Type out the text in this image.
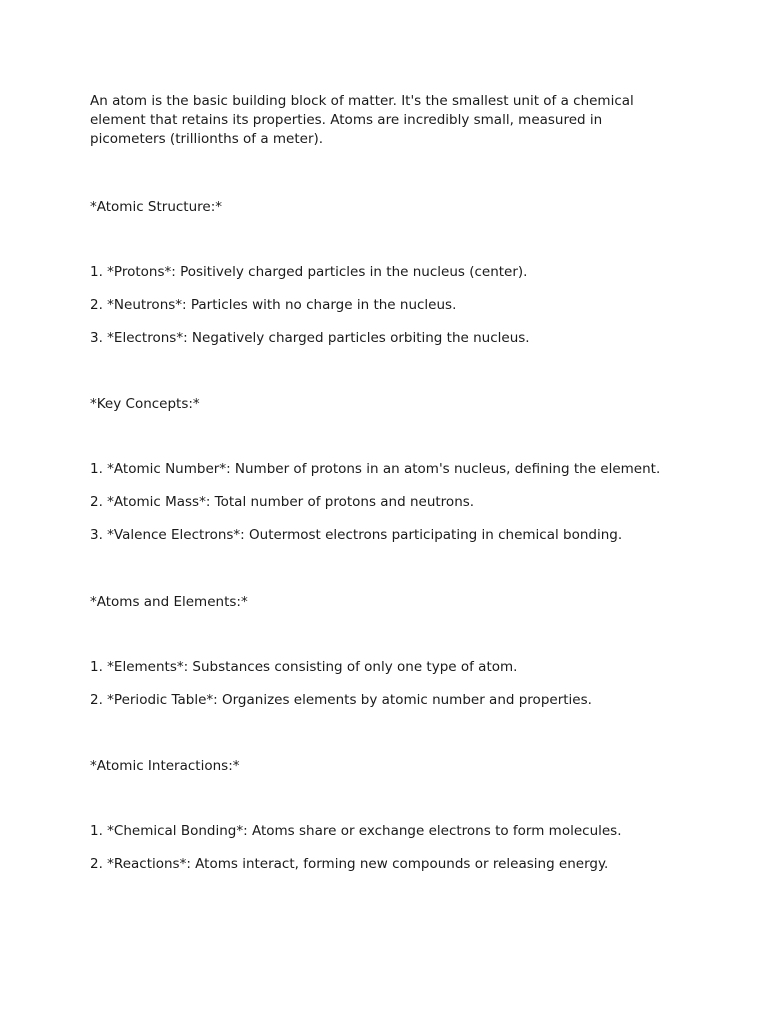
An atom is the basic building block of matter. It's the smallest unit of a chemical
element that retains its properties. Atoms are incredibly small, measured in
picometers (trillionths of a meter).
*Atomic Structure:*
1. *Protons*: Positively charged particles in the nucleus (center).
2. *Neutrons*: Particles with no charge in the nucleus.
3. *Electrons*: Negatively charged particles orbiting the nucleus.
*Key Concepts:*
1. *Atomic Number*: Number of protons in an atom's nucleus, defining the element.
2. *Atomic Mass*: Total number of protons and neutrons.
3. *Valence Electrons*: Outermost electrons participating in chemical bonding.
*Atoms and Elements:*
1. *Elements*: Substances consisting of only one type of atom.
2. *Periodic Table*: Organizes elements by atomic number and properties.
*Atomic Interactions:*
1. *Chemical Bonding*: Atoms share or exchange electrons to form molecules.
2. *Reactions*: Atoms interact, forming new compounds or releasing energy.
